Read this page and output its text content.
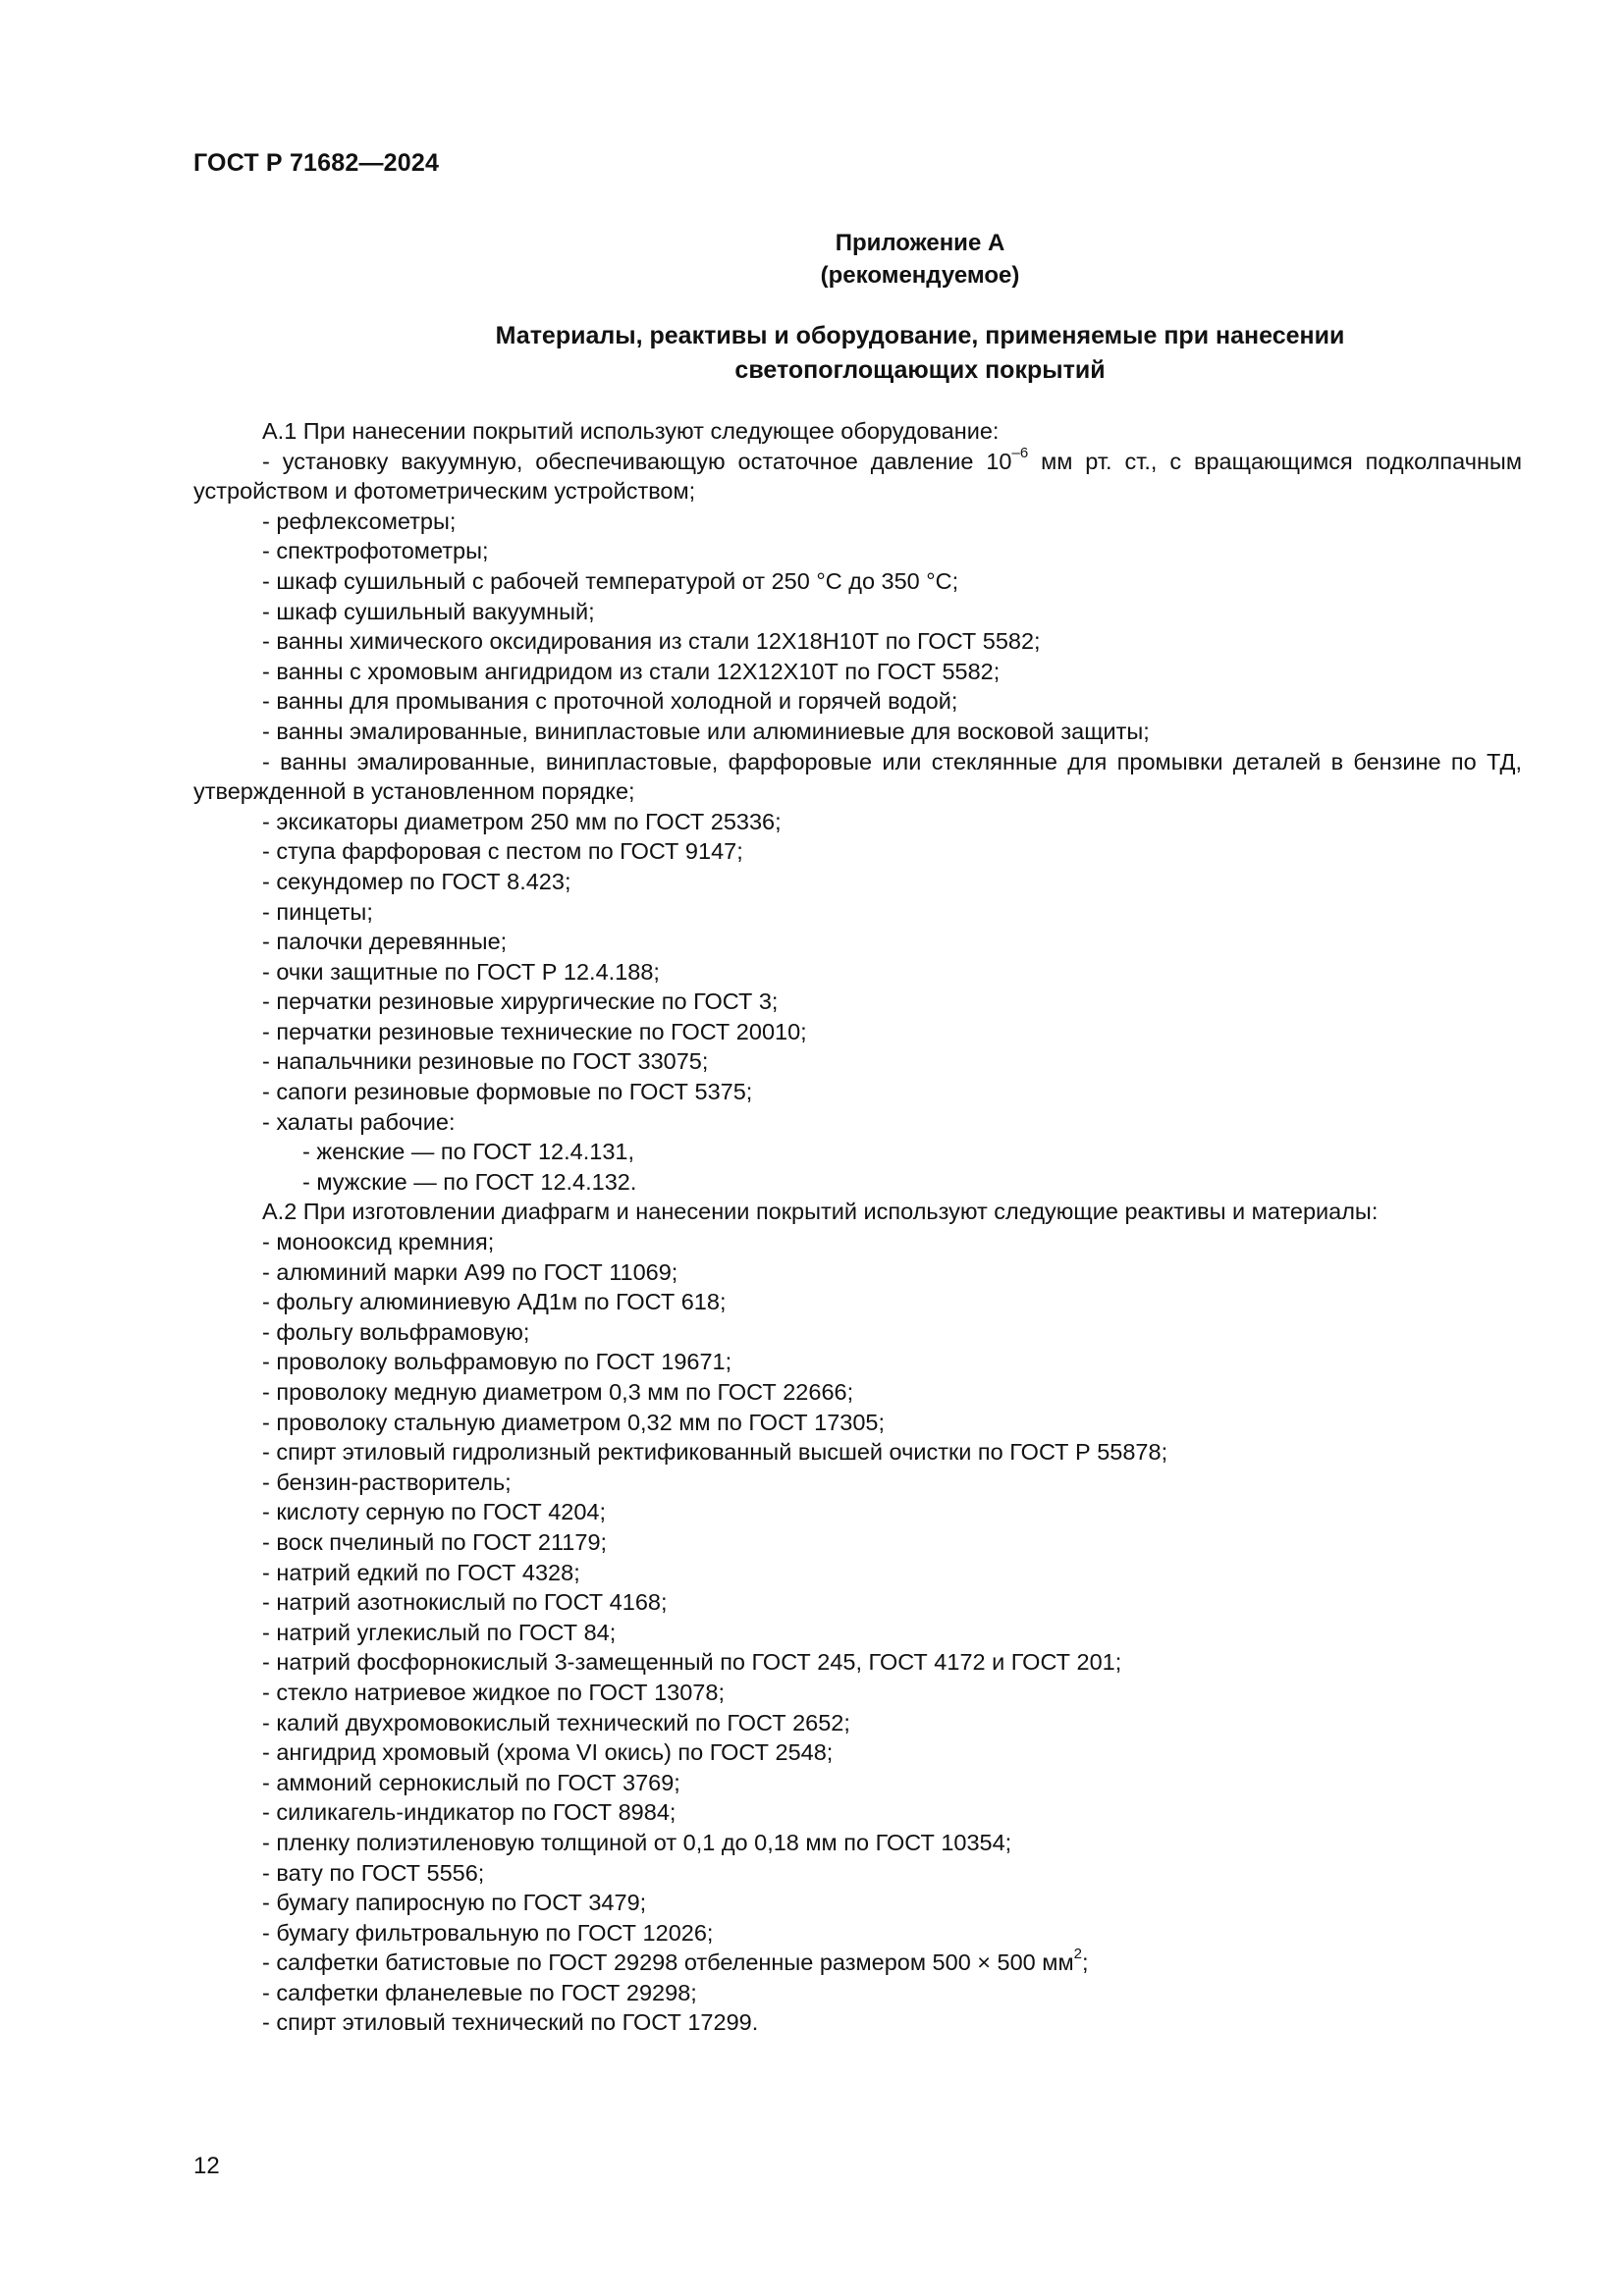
ГОСТ Р 71682—2024
Приложение А
(рекомендуемое)
Материалы, реактивы и оборудование, применяемые при нанесении
светопоглощающих покрытий

А.1 При нанесении покрытий используют следующее оборудование:

- установку вакуумную, обеспечивающую остаточное давление $10^{-6}$ мм рт. ст., с вращающимся подколпачным устройством и фотометрическим устройством;

- рефлексометры;

- спектрофотометры;

- шкаф сушильный с рабочей температурой от 250 °С до 350 °С;

- шкаф сушильный вакуумный;

- ванны химического оксидирования из стали 12Х18Н10Т по ГОСТ 5582;

- ванны с хромовым ангидридом из стали 12Х12Х10Т по ГОСТ 5582;

- ванны для промывания с проточной холодной и горячей водой;

- ванны эмалированные, винипластовые или алюминиевые для восковой защиты;

- ванны эмалированные, винипластовые, фарфоровые или стеклянные для промывки деталей в бензине по ТД, утвержденной в установленном порядке;

- эксикаторы диаметром 250 мм по ГОСТ 25336;

- ступа фарфоровая с пестом по ГОСТ 9147;

- секундомер по ГОСТ 8.423;

- пинцеты;

- палочки деревянные;

- очки защитные по ГОСТ Р 12.4.188;

- перчатки резиновые хирургические по ГОСТ 3;

- перчатки резиновые технические по ГОСТ 20010;

- напальчники резиновые по ГОСТ 33075;

- сапоги резиновые формовые по ГОСТ 5375;

- халаты рабочие:

- женские — по ГОСТ 12.4.131,

- мужские — по ГОСТ 12.4.132.

А.2 При изготовлении диафрагм и нанесении покрытий используют следующие реактивы и материалы:

- монооксид кремния;

- алюминий марки А99 по ГОСТ 11069;

- фольгу алюминиевую АД1м по ГОСТ 618;

- фольгу вольфрамовую;

- проволоку вольфрамовую по ГОСТ 19671;

- проволоку медную диаметром 0,3 мм по ГОСТ 22666;

- проволоку стальную диаметром 0,32 мм по ГОСТ 17305;

- спирт этиловый гидролизный ректификованный высшей очистки по ГОСТ Р 55878;

- бензин-растворитель;

- кислоту серную по ГОСТ 4204;

- воск пчелиный по ГОСТ 21179;

- натрий едкий по ГОСТ 4328;

- натрий азотнокислый по ГОСТ 4168;

- натрий углекислый по ГОСТ 84;

- натрий фосфорнокислый 3-замещенный по ГОСТ 245, ГОСТ 4172 и ГОСТ 201;

- стекло натриевое жидкое по ГОСТ 13078;

- калий двухромовокислый технический по ГОСТ 2652;

- ангидрид хромовый (хрома VI окись) по ГОСТ 2548;

- аммоний сернокислый по ГОСТ 3769;

- силикагель-индикатор по ГОСТ 8984;

- пленку полиэтиленовую толщиной от 0,1 до 0,18 мм по ГОСТ 10354;

- вату по ГОСТ 5556;

- бумагу папиросную по ГОСТ 3479;

- бумагу фильтровальную по ГОСТ 12026;

- салфетки батистовые по ГОСТ 29298 отбеленные размером 500 × 500 $мм^2$;

- салфетки фланелевые по ГОСТ 29298;

- спирт этиловый технический по ГОСТ 17299.

12
